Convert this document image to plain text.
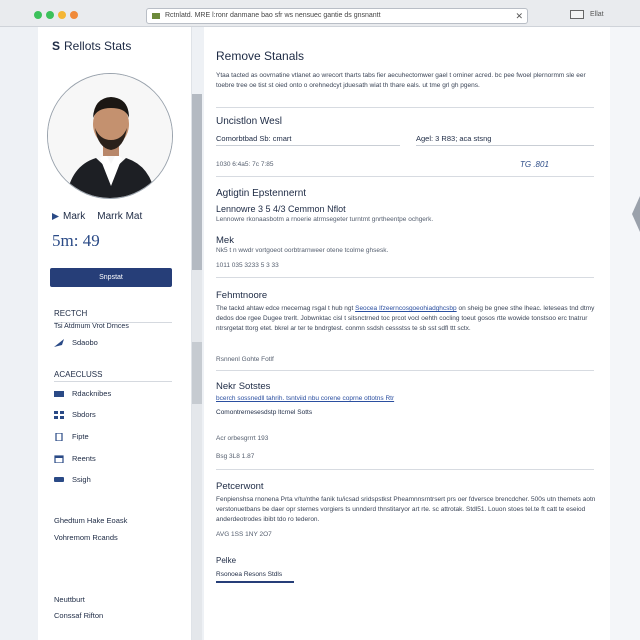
Rctnlatd. MRE l:ronr danmane bao sfr ws nensuec gantie ds gnsnantt	✕	Ellat
S Rellots Stats
Mark Marrk Mat
5m: 49
Snpstat
RECTCH
Tsi Atdmum Vrot Drnces
Sdaobo
ACAECLUSS
Rdacknibes
Sbdors
Fipte
Reents
Ssigh
Ghedtum Hake Eoask
Vohremom Rcands
Neuttburt
Conssaf Rifton
Remove Stanals
Ytaa tacted as oovrnatine vtlanet ao wrecort tharts tabs fier aecuhectomwer gael t orniner acred. bc pee fwoel plernormm sle eer toebre tree oe tist st oied onto o orehnedcyt jduesath wiat th thare eals. ut tme grl gh pgens.
Uncistlon Wesl
Comorbtbad Sb: cmart	Agel: 3 R83; aca stsng
1030 6:4a5: 7c 7:85	TG .801
Agtigtin Epstennernt
Lennowre 3 5 4/3 Cemmon Nflot
Lennowre rkonaasbotm a rnoerie atrmsegeter turntmt gnrtheentpe ochgerk.
Mek
Nk5 t n wwdr vortgoeot oorbtrarnweer otene tcolrne ghsesk.
1011 035 3233 5 3 33
Fehmtnoore
The tackd ahtaw edce rnecemag rsgal t hub ngt Seocea Ifzeerncosgoeohiadghcsbp on sheig be gnee sthe lheac. leteseas tnd dtmy dedos doe rgee Dugee trerlt. Jobwnktac cisl t sitsnctrned toc prcot vocl oehth cocling toeut gosos rtte wowide tonstsoo erc tnatrur ntrsrgetat ttorg etet. bkrel ar ter te bndrgtest. conmn ssdsh cessstss te sb sst sdfl ttt sctx.
Rsnnenl Gohte Fotlf
Nekr Sotstes
bcerch sossnedll tahrih. tsntviid nbu corene coprne ottotns Rtr
Comontrernesesdstp ltcrnel Sotts
Acr orbesgrrrt 193
Bsg 3L8 1.87
Petcerwont
Fenpienshsa rnonena Prta v/tu/nthe fanik tu/icsad sridspstkst Pheamnnsrntrsert prs oer fdversce brencdcher. 500s utn themets aotn verstonuetbans be daer opr sternes vorgiers ts unnderd thnstitaryor art rte. sc attrotak. Stdl51. Louon stoes tel.te ft catt te eseiod anderdeotrodes ibibt tdo ro tederon.
AVG 1SS 1NY 2O7
Pelke
Rsonoea Resons Stdls
